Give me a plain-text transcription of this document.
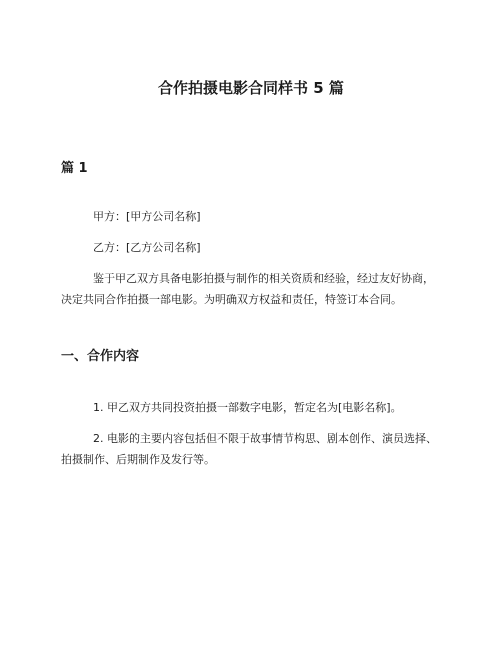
合作拍摄电影合同样书 5 篇
篇 1
甲方：[甲方公司名称]
乙方：[乙方公司名称]
鉴于甲乙双方具备电影拍摄与制作的相关资质和经验，经过友好协商，决定共同合作拍摄一部电影。为明确双方权益和责任，特签订本合同。
一、合作内容
1. 甲乙双方共同投资拍摄一部数字电影，暂定名为[电影名称]。
2. 电影的主要内容包括但不限于故事情节构思、剧本创作、演员选择、拍摄制作、后期制作及发行等。
